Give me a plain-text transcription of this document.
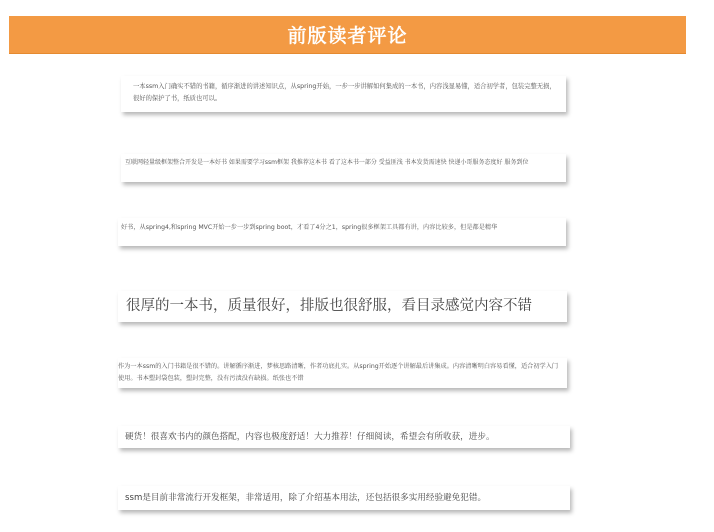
前版读者评论
一本ssm入门确实不错的书籍，循序渐进的讲述知识点，从spring开始，一步一步讲解如何集成的一本书，内容浅显易懂，适合初学者，包装完整无损，很好的保护了书，纸质也可以。
互联网轻量级框架整合开发是一本好书 如果需要学习ssm框架 我推荐这本书 看了这本书一部分 受益匪浅 书本发货需速快 快递小哥服务态度好 服务到位
好书，从spring4,和spring MVC开始一步一步到spring boot，才看了4分之1，spring很多框架工具都有讲，内容比较多，但是都是精华
很厚的一本书，质量很好，排版也很舒服，看目录感觉内容不错
作为一本ssm的入门书籍是很不错的。讲解循序渐进，梦核思路清晰，作者功底扎实。从spring开始逐个讲解最后讲集成。内容清晰明白容易看懂，适合初学入门使用。书本塑封袋包装，塑封完整，没有污渍没有缺损。纸张也不错
硬货！很喜欢书内的颜色搭配，内容也极度舒适！大力推荐！仔细阅读，希望会有所收获，进步。
ssm是目前非常流行开发框架，非常适用，除了介绍基本用法，还包括很多实用经验避免犯错。
